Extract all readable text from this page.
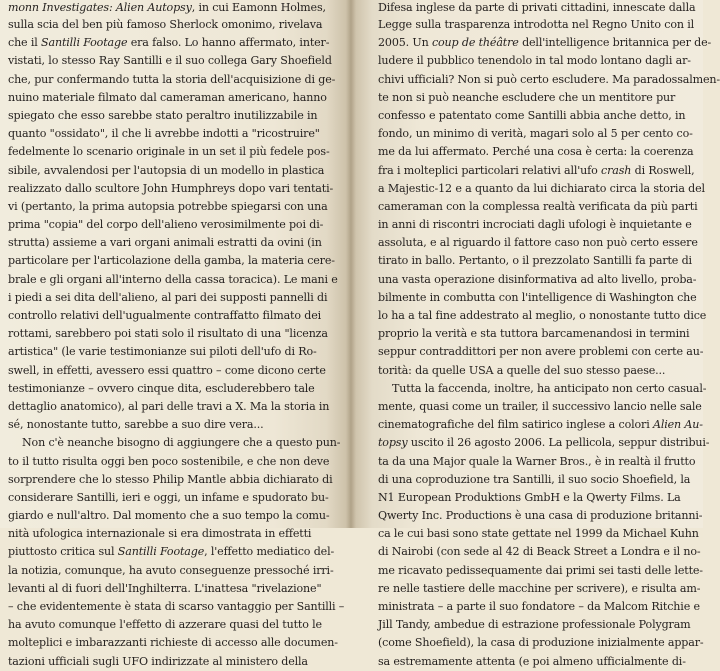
monn Investigates: Alien Autopsy, in cui Eamonn Holmes,
sulla scia del ben più famoso Sherlock omonimo, rivelava
che il Santilli Footage era falso. Lo hanno affermato, inter-
vistati, lo stesso Ray Santilli e il suo collega Gary Shoefield
che, pur confermando tutta la storia dell'acquisizione di ge-
nuino materiale filmato dal cameraman americano, hanno
spiegato che esso sarebbe stato peraltro inutilizzabile in
quanto "ossidato", il che li avrebbe indotti a "ricostruire"
fedelmente lo scenario originale in un set il più fedele pos-
sibile, avvalendosi per l'autopsia di un modello in plastica
realizzato dallo scultore John Humphreys dopo vari tentati-
vi (pertanto, la prima autopsia potrebbe spiegarsi con una
prima "copia" del corpo dell'alieno verosimilmente poi di-
strutta) assieme a vari organi animali estratti da ovini (in
particolare per l'articolazione della gamba, la materia cere-
brale e gli organi all'interno della cassa toracica). Le mani e
i piedi a sei dita dell'alieno, al pari dei supposti pannelli di
controllo relativi dell'ugualmente contraffatto filmato dei
rottami, sarebbero poi stati solo il risultato di una "licenza
artistica" (le varie testimonianze sui piloti dell'ufo di Ro-
swell, in effetti, avessero essi quattro – come dicono certe
testimonianze – ovvero cinque dita, escluderebbero tale
dettaglio anatomico), al pari delle travi a X. Ma la storia in
sé, nonostante tutto, sarebbe a suo dire vera...
Non c'è neanche bisogno di aggiungere che a questo pun-
to il tutto risulta oggi ben poco sostenibile, e che non deve
sorprendere che lo stesso Philip Mantle abbia dichiarato di
considerare Santilli, ieri e oggi, un infame e spudorato bu-
giardo e null'altro. Dal momento che a suo tempo la comu-
nità ufologica internazionale si era dimostrata in effetti
piuttosto critica sul Santilli Footage, l'effetto mediatico del-
la notizia, comunque, ha avuto conseguenze pressoché irri-
levanti al di fuori dell'Inghilterra. L'inattesa "rivelazione"
– che evidentemente è stata di scarso vantaggio per Santilli –
ha avuto comunque l'effetto di azzerare quasi del tutto le
molteplici e imbarazzanti richieste di accesso alle documen-
tazioni ufficiali sugli UFO indirizzate al ministero della
Difesa inglese da parte di privati cittadini, innescate dalla
Legge sulla trasparenza introdotta nel Regno Unito con il
2005. Un coup de théâtre dell'intelligence britannica per de-
ludere il pubblico tenendolo in tal modo lontano dagli ar-
chivi ufficiali? Non si può certo escludere. Ma paradossalmen-
te non si può neanche escludere che un mentitore pur
confesso e patentato come Santilli abbia anche detto, in
fondo, un minimo di verità, magari solo al 5 per cento co-
me da lui affermato. Perché una cosa è certa: la coerenza
fra i molteplici particolari relativi all'ufo crash di Roswell,
a Majestic-12 e a quanto da lui dichiarato circa la storia del
cameraman con la complessa realtà verificata da più parti
in anni di riscontri incrociati dagli ufologi è inquietante e
assoluta, e al riguardo il fattore caso non può certo essere
tirato in ballo. Pertanto, o il prezzolato Santilli fa parte di
una vasta operazione disinformativa ad alto livello, proba-
bilmente in combutta con l'intelligence di Washington che
lo ha a tal fine addestrato al meglio, o nonostante tutto dice
proprio la verità e sta tuttora barcamenandosi in termini
seppur contraddittori per non avere problemi con certe au-
torità: da quelle USA a quelle del suo stesso paese...
Tutta la faccenda, inoltre, ha anticipato non certo casual-
mente, quasi come un trailer, il successivo lancio nelle sale
cinematografiche del film satirico inglese a colori Alien Au-
topsy uscito il 26 agosto 2006. La pellicola, seppur distribui-
ta da una Major quale la Warner Bros., è in realtà il frutto
di una coproduzione tra Santilli, il suo socio Shoefield, la
N1 European Produktions GmbH e la Qwerty Films. La
Qwerty Inc. Productions è una casa di produzione britanni-
ca le cui basi sono state gettate nel 1999 da Michael Kuhn
di Nairobi (con sede al 42 di Beack Street a Londra e il no-
me ricavato pedissequamente dai primi sei tasti delle lette-
re nelle tastiere delle macchine per scrivere), e risulta am-
ministrata – a parte il suo fondatore – da Malcom Ritchie e
Jill Tandy, ambedue di estrazione professionale Polygram
(come Shoefield), la casa di produzione inizialmente appar-
sa estremamente attenta (e poi almeno ufficialmente di-
